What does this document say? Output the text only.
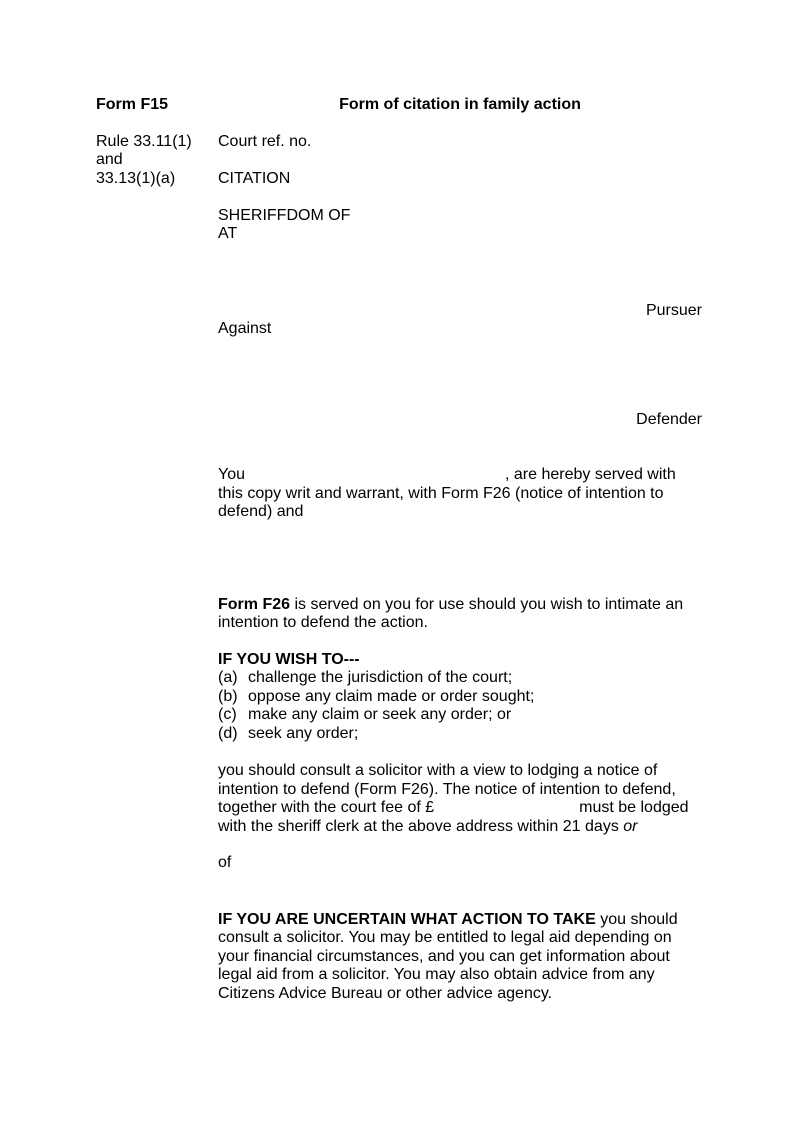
Form F15	Form of citation in family action
Rule 33.11(1)
and
33.13(1)(a)
Court ref. no.
CITATION
SHERIFFDOM OF
AT
Pursuer
Against
Defender
You	, are hereby served with
this copy writ and warrant, with Form F26 (notice of intention to
defend) and
Form F26 is served on you for use should you wish to intimate an
intention to defend the action.
IF YOU WISH TO---
(a) challenge the jurisdiction of the court;
(b) oppose any claim made or order sought;
(c) make any claim or seek any order; or
(d) seek any order;
you should consult a solicitor with a view to lodging a notice of
intention to defend (Form F26). The notice of intention to defend,
together with the court fee of £	must be lodged
with the sheriff clerk at the above address within 21 days or
of
IF YOU ARE UNCERTAIN WHAT ACTION TO TAKE you should
consult a solicitor. You may be entitled to legal aid depending on
your financial circumstances, and you can get information about
legal aid from a solicitor. You may also obtain advice from any
Citizens Advice Bureau or other advice agency.
